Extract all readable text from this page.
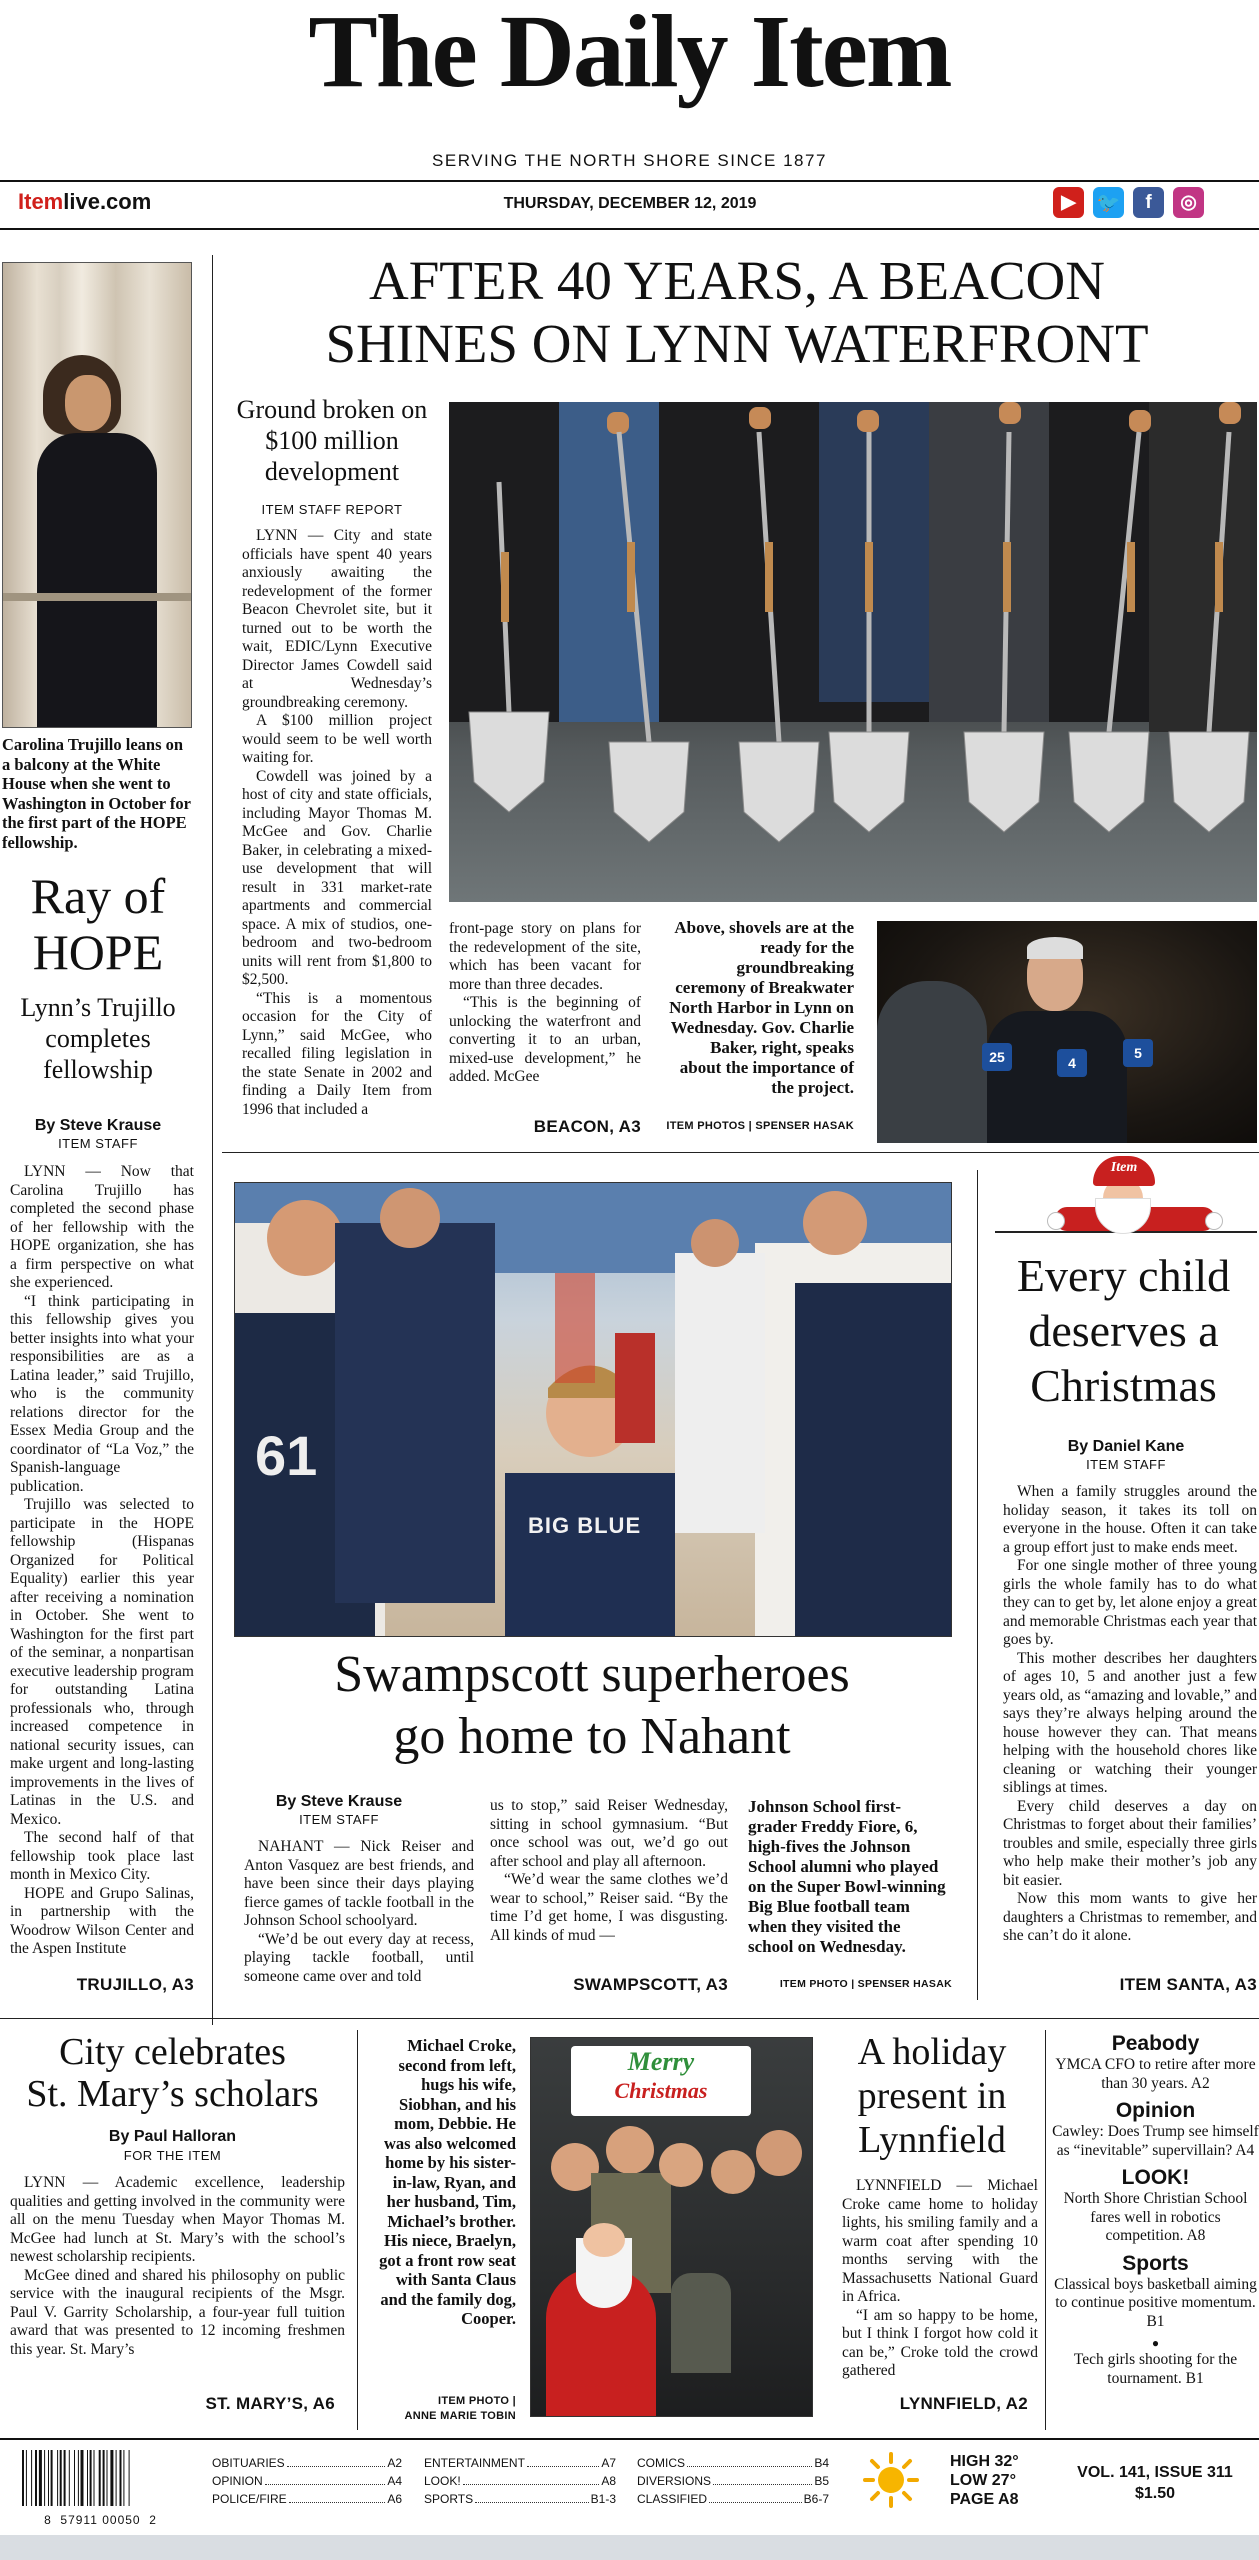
The Daily Item
SERVING THE NORTH SHORE SINCE 1877
Itemlive.com	THURSDAY, DECEMBER 12, 2019	▶	🐦	f	◎
Carolina Trujillo leans on a balcony at the White House when she went to Washington in October for the first part of the HOPE fellowship.
Ray of HOPE
Lynn’s Trujillo completes fellowship
By Steve Krause
ITEM STAFF

LYNN — Now that Carolina Trujillo has completed the second phase of her fellowship with the HOPE organization, she has a firm perspective on what she experienced.

“I think participating in this fellowship gives you better insights into what your responsibilities are as a Latina leader,” said Trujillo, who is the community relations director for the Essex Media Group and the coordinator of “La Voz,” the Spanish-language publication.

Trujillo was selected to participate in the HOPE fellowship (Hispanas Organized for Political Equality) earlier this year after receiving a nomination in October. She went to Washington for the first part of the seminar, a nonpartisan executive leadership program for outstanding Latina professionals who, through increased competence in national security issues, can make urgent and long-lasting improvements in the lives of Latinas in the U.S. and Mexico.

The second half of that fellowship took place last month in Mexico City.

HOPE and Grupo Salinas, in partnership with the Woodrow Wilson Center and the Aspen Institute

TRUJILLO, A3
AFTER 40 YEARS, A BEACON
SHINES ON LYNN WATERFRONT
Ground broken on $100 million development
ITEM STAFF REPORT

LYNN — City and state officials have spent 40 years anxiously awaiting the redevelopment of the former Beacon Chevrolet site, but it turned out to be worth the wait, EDIC/Lynn Executive Director James Cowdell said at Wednesday’s groundbreaking ceremony.

A $100 million project would seem to be well worth waiting for.

Cowdell was joined by a host of city and state officials, including Mayor Thomas M. McGee and Gov. Charlie Baker, in celebrating a mixed-use development that will result in 331 market-rate apartments and commercial space. A mix of studios, one-bedroom and two-bedroom units will rent from $1,800 to $2,500.

“This is a momentous occasion for the City of Lynn,” said McGee, who recalled filing legislation in the state Senate in 2002 and finding a Daily Item from 1996 that included a

front-page story on plans for the redevelopment of the site, which has been vacant for more than three decades.

“This is the beginning of unlocking the waterfront and converting it to an urban, mixed-use development,” he added. McGee

BEACON, A3
Above, shovels are at the ready for the groundbreaking ceremony of Breakwater North Harbor in Lynn on Wednesday. Gov. Charlie Baker, right, speaks about the importance of the project.
ITEM PHOTOS | SPENSER HASAK
25	4
5
61
BIG BLUE
Swampscott superheroes
go home to Nahant
By Steve Krause
ITEM STAFF

NAHANT — Nick Reiser and Anton Vasquez are best friends, and have been since their days playing fierce games of tackle football in the Johnson School schoolyard.

“We’d be out every day at recess, playing tackle football, until someone came over and told

us to stop,” said Reiser Wednesday, sitting in school gymnasium. “But once school was out, we’d go out after school and play all afternoon.

“We’d wear the same clothes we’d wear to school,” Reiser said. “By the time I’d get home, I was disgusting. All kinds of mud —

SWAMPSCOTT, A3
Johnson School first-grader Freddy Fiore, 6, high-fives the Johnson School alumni who played on the Super Bowl-winning Big Blue football team when they visited the school on Wednesday.
ITEM PHOTO | SPENSER HASAK
Item
Every child deserves a Christmas
By Daniel Kane
ITEM STAFF

When a family struggles around the holiday season, it takes its toll on everyone in the house. Often it can take a group effort just to make ends meet.

For one single mother of three young girls the whole family has to do what they can to get by, let alone enjoy a great and memorable Christmas each year that goes by.

This mother describes her daughters of ages 10, 5 and another just a few years old, as “amazing and lovable,” and says they’re always helping around the house however they can. That means helping with the household chores like cleaning or watching their younger siblings at times.

Every child deserves a day on Christmas to forget about their families’ troubles and smile, especially three girls who help make their mother’s job any bit easier.

Now this mom wants to give her daughters a Christmas to remember, and she can’t do it alone.

ITEM SANTA, A3
City celebrates
St. Mary’s scholars
By Paul Halloran
FOR THE ITEM

LYNN — Academic excellence, leadership qualities and getting involved in the community were all on the menu Tuesday when Mayor Thomas M. McGee had lunch at St. Mary’s with the school’s newest scholarship recipients.

McGee dined and shared his philosophy on public service with the inaugural recipients of the Msgr. Paul V. Garrity Scholarship, a four-year full tuition award that was presented to 12 incoming freshmen this year. St. Mary’s

ST. MARY’S, A6
Michael Croke, second from left, hugs his wife, Siobhan, and his mom, Debbie. He was also welcomed home by his sister-in-law, Ryan, and her husband, Tim, Michael’s brother. His niece, Braelyn, got a front row seat with Santa Claus and the family dog, Cooper.
ITEM PHOTO |
ANNE MARIE TOBIN
Merry
Christmas
A holiday present in Lynnfield

LYNNFIELD — Michael Croke came home to holiday lights, his smiling family and a warm coat after spending 10 months serving with the Massachusetts National Guard in Africa.

“I am so happy to be home, but I think I forgot how cold it can be,” Croke told the crowd gathered

LYNNFIELD, A2
Peabody
YMCA CFO to retire after more than 30 years. A2
Opinion
Cawley: Does Trump see himself as “inevitable” supervillain? A4
LOOK!
North Shore Christian School fares well in robotics competition. A8
Sports
Classical boys basketball aiming to continue positive momentum. B1
●
Tech girls shooting for the tournament. B1
8  57911 00050  2
OBITUARIES	A2
OPINION	A4
POLICE/FIRE	A6
ENTERTAINMENT	A7
LOOK!	A8
SPORTS	B1-3
COMICS	B4
DIVERSIONS	B5
CLASSIFIED	B6-7
HIGH 32°
LOW 27°
PAGE A8
VOL. 141, ISSUE 311
$1.50
